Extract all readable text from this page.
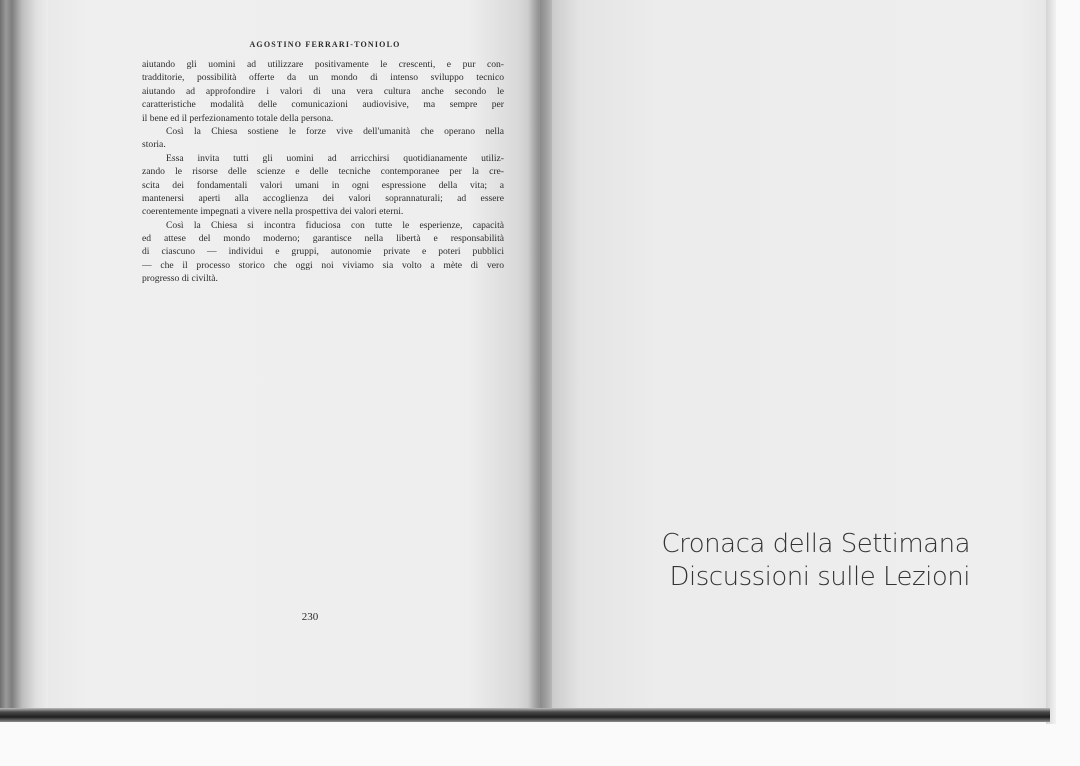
AGOSTINO FERRARI-TONIOLO
aiutando gli uomini ad utilizzare positivamente le crescenti, e pur con-
tradditorie, possibilità offerte da un mondo di intenso sviluppo tecnico
aiutando ad approfondire i valori di una vera cultura anche secondo le
caratteristiche modalità delle comunicazioni audiovisive, ma sempre per
il bene ed il perfezionamento totale della persona.
Così la Chiesa sostiene le forze vive dell'umanità che operano nella
storia.
Essa invita tutti gli uomini ad arricchirsi quotidianamente utiliz-
zando le risorse delle scienze e delle tecniche contemporanee per la cre-
scita dei fondamentali valori umani in ogni espressione della vita; a
mantenersi aperti alla accoglienza dei valori soprannaturali; ad essere
coerentemente impegnati a vivere nella prospettiva dei valori eterni.
Così la Chiesa si incontra fiduciosa con tutte le esperienze, capacità
ed attese del mondo moderno; garantisce nella libertà e responsabilità
di ciascuno — individui e gruppi, autonomie private e poteri pubblici
— che il processo storico che oggi noi viviamo sia volto a mète di vero
progresso di civiltà.
230
Cronaca della Settimana
Discussioni sulle Lezioni
